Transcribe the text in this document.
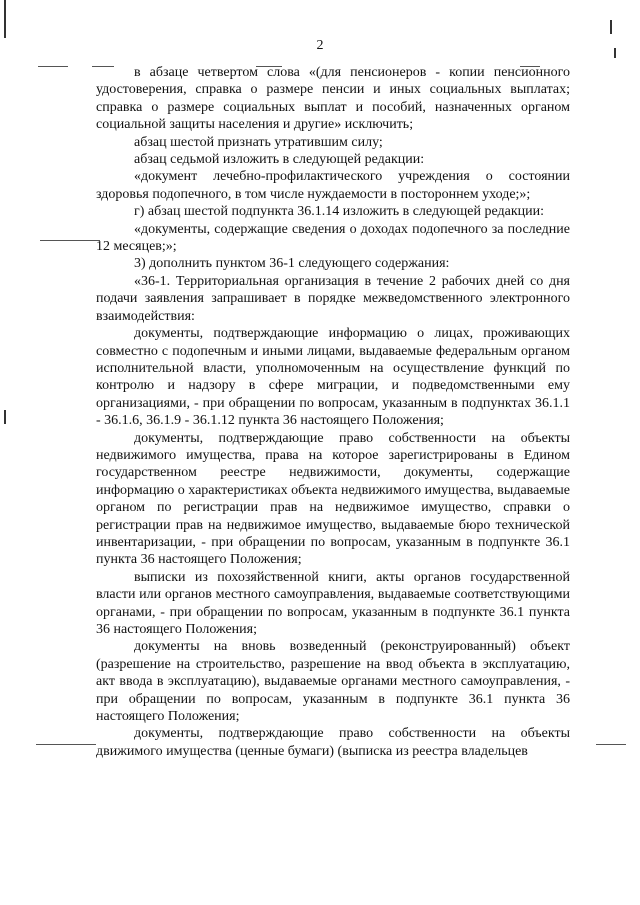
2

в абзаце четвертом слова «(для пенсионеров - копии пенсионного удостоверения, справка о размере пенсии и иных социальных выплатах; справка о размере социальных выплат и пособий, назначенных органом социальной защиты населения и другие» исключить;

абзац шестой признать утратившим силу;

абзац седьмой изложить в следующей редакции:

«документ лечебно-профилактического учреждения о состоянии здоровья подопечного, в том числе нуждаемости в постороннем уходе;»;

г) абзац шестой подпункта 36.1.14 изложить в следующей редакции:

«документы, содержащие сведения о доходах подопечного за последние 12 месяцев;»;

3) дополнить пунктом 36-1 следующего содержания:

«36-1. Территориальная организация в течение 2 рабочих дней со дня подачи заявления запрашивает в порядке межведомственного электронного взаимодействия:

документы, подтверждающие информацию о лицах, проживающих совместно с подопечным и иными лицами, выдаваемые федеральным органом исполнительной власти, уполномоченным на осуществление функций по контролю и надзору в сфере миграции, и подведомственными ему организациями, - при обращении по вопросам, указанным в подпунктах 36.1.1 - 36.1.6, 36.1.9 - 36.1.12 пункта 36 настоящего Положения;

документы, подтверждающие право собственности на объекты недвижимого имущества, права на которое зарегистрированы в Едином государственном реестре недвижимости, документы, содержащие информацию о характеристиках объекта недвижимого имущества, выдаваемые органом по регистрации прав на недвижимое имущество, справки о регистрации прав на недвижимое имущество, выдаваемые бюро технической инвентаризации, - при обращении по вопросам, указанным в подпункте 36.1 пункта 36 настоящего Положения;

выписки из похозяйственной книги, акты органов государственной власти или органов местного самоуправления, выдаваемые соответствующими органами, - при обращении по вопросам, указанным в подпункте 36.1 пункта 36 настоящего Положения;

документы на вновь возведенный (реконструированный) объект (разрешение на строительство, разрешение на ввод объекта в эксплуатацию, акт ввода в эксплуатацию), выдаваемые органами местного самоуправления, - при обращении по вопросам, указанным в подпункте 36.1 пункта 36 настоящего Положения;

документы, подтверждающие право собственности на объекты движимого имущества (ценные бумаги) (выписка из реестра владельцев
